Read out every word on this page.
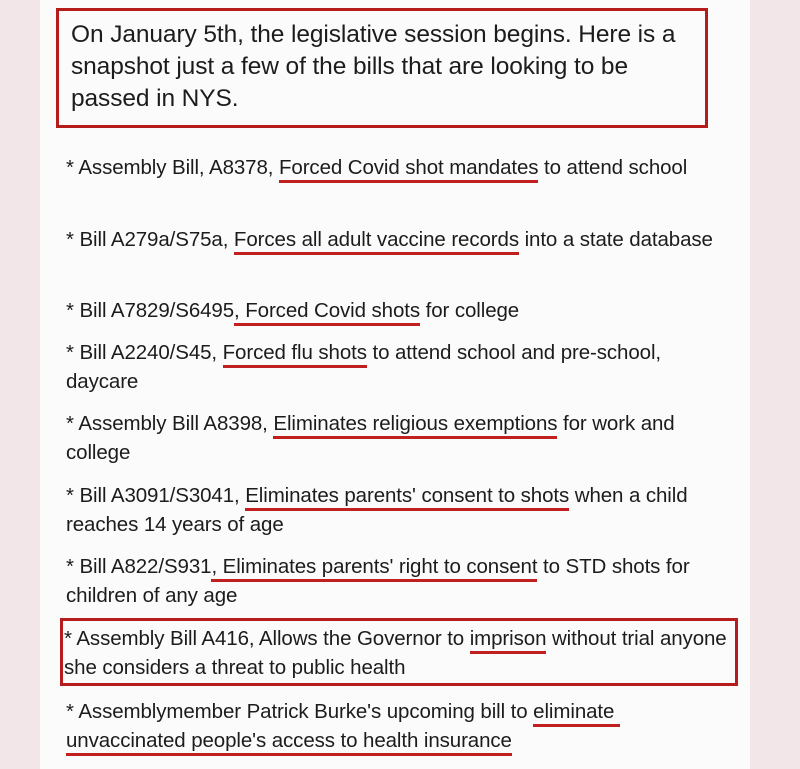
On January 5th, the legislative session begins. Here is a snapshot just a few of the bills that are looking to be passed in NYS.
* Assembly Bill, A8378, Forced Covid shot mandates to attend school
* Bill A279a/S75a, Forces all adult vaccine records into a state database
* Bill A7829/S6495, Forced Covid shots for college
* Bill A2240/S45, Forced flu shots to attend school and pre-school, daycare
* Assembly Bill A8398, Eliminates religious exemptions for work and college
* Bill A3091/S3041, Eliminates parents' consent to shots when a child reaches 14 years of age
* Bill A822/S931, Eliminates parents' right to consent to STD shots for children of any age
* Assembly Bill A416, Allows the Governor to imprison without trial anyone she considers a threat to public health
* Assemblymember Patrick Burke's upcoming bill to eliminate unvaccinated people's access to health insurance
